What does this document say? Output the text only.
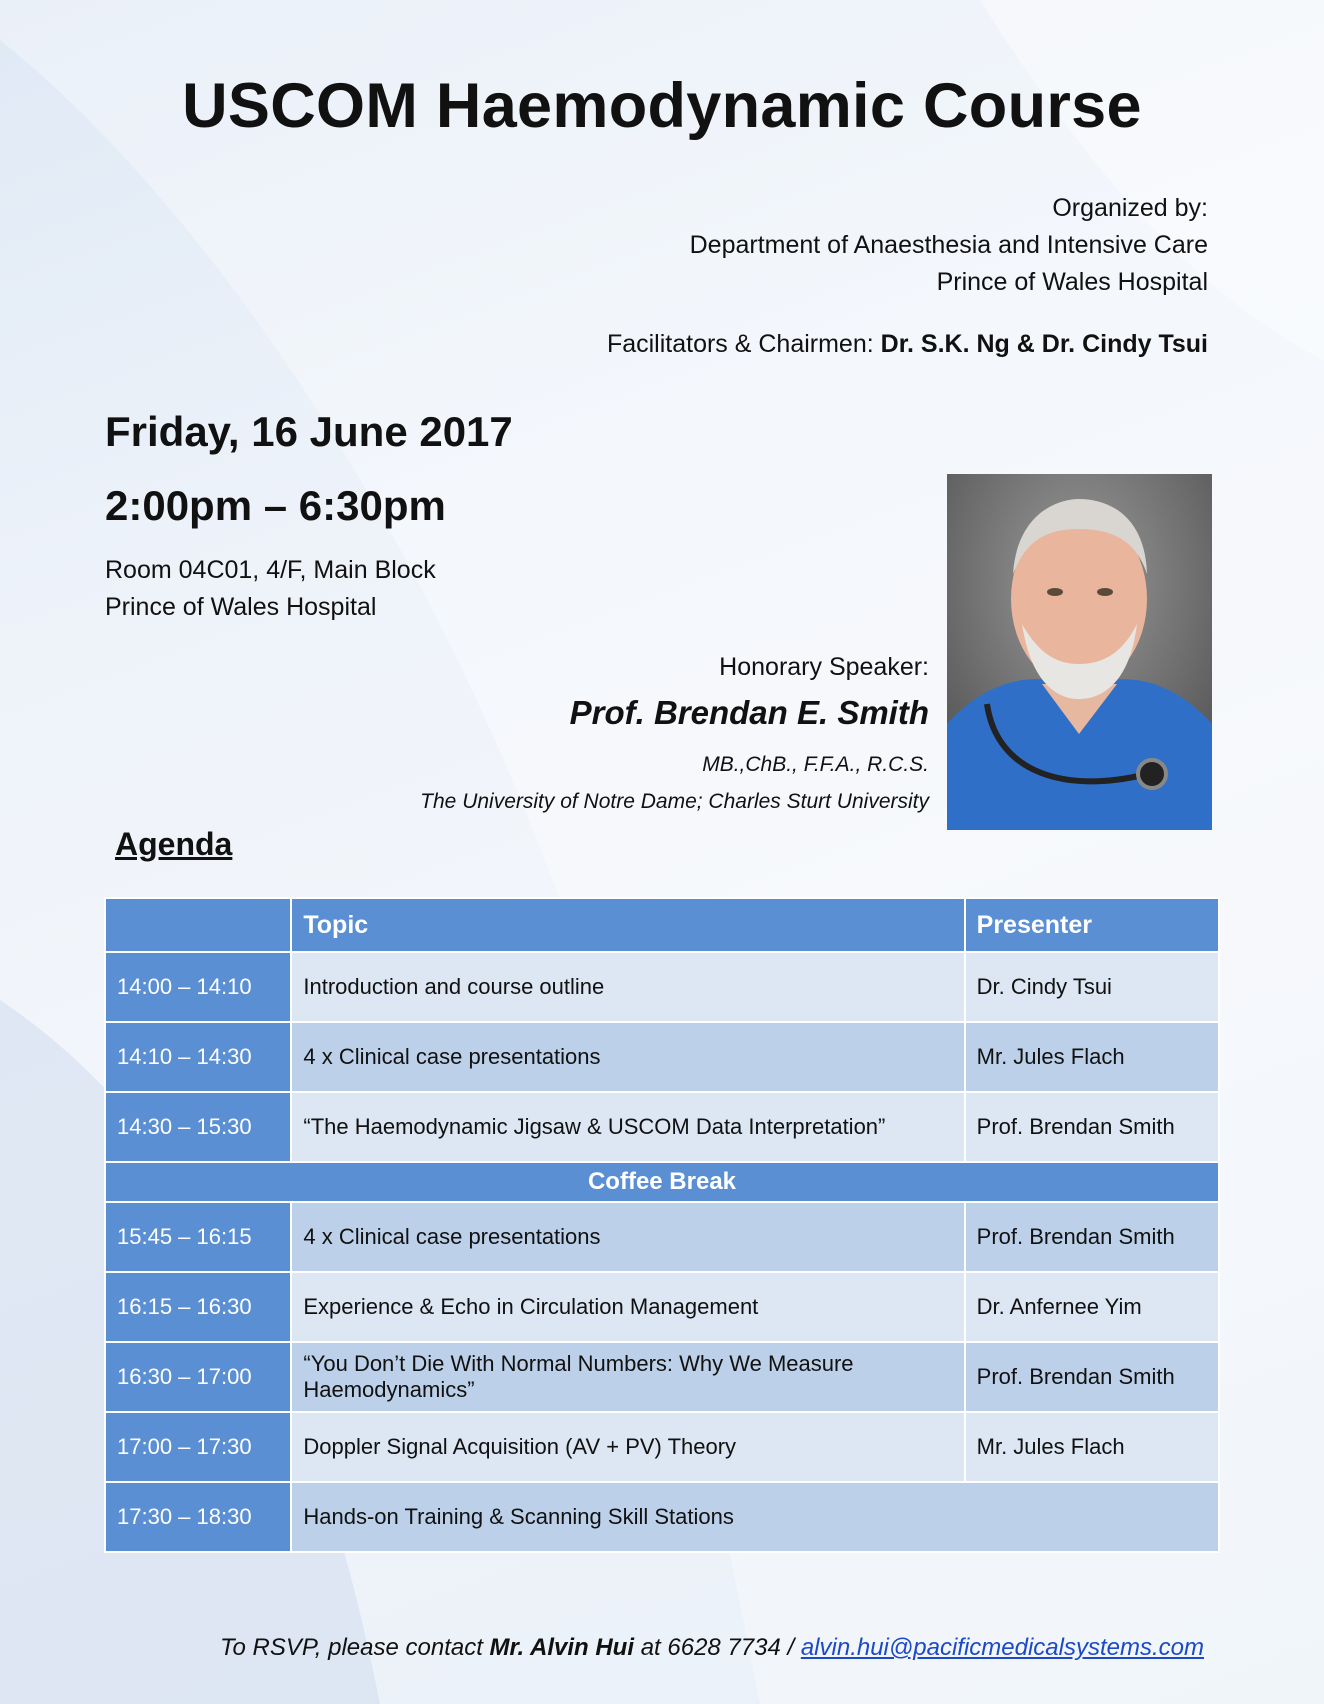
USCOM Haemodynamic Course
Organized by:
Department of Anaesthesia and Intensive Care
Prince of Wales Hospital
Facilitators & Chairmen: Dr. S.K. Ng & Dr. Cindy Tsui
Friday, 16 June 2017
2:00pm – 6:30pm
Room 04C01, 4/F, Main Block
Prince of Wales Hospital
Honorary Speaker:
Prof. Brendan E. Smith
MB.,ChB., F.F.A., R.C.S.
The University of Notre Dame; Charles Sturt University
Agenda
	Topic	Presenter
14:00 – 14:10	Introduction and course outline	Dr. Cindy Tsui
14:10 – 14:30	4 x Clinical case presentations	Mr. Jules Flach
14:30 – 15:30	“The Haemodynamic Jigsaw & USCOM Data Interpretation”	Prof. Brendan Smith
Coffee Break		
15:45 – 16:15	4 x Clinical case presentations	Prof. Brendan Smith
16:15 – 16:30	Experience & Echo in Circulation Management	Dr. Anfernee Yim
16:30 – 17:00	“You Don’t Die With Normal Numbers: Why We Measure Haemodynamics”	Prof. Brendan Smith
17:00 – 17:30	Doppler Signal Acquisition (AV + PV) Theory	Mr. Jules Flach
17:30 – 18:30	Hands-on Training & Scanning Skill Stations	
To RSVP, please contact Mr. Alvin Hui at 6628 7734 / alvin.hui@pacificmedicalsystems.com
